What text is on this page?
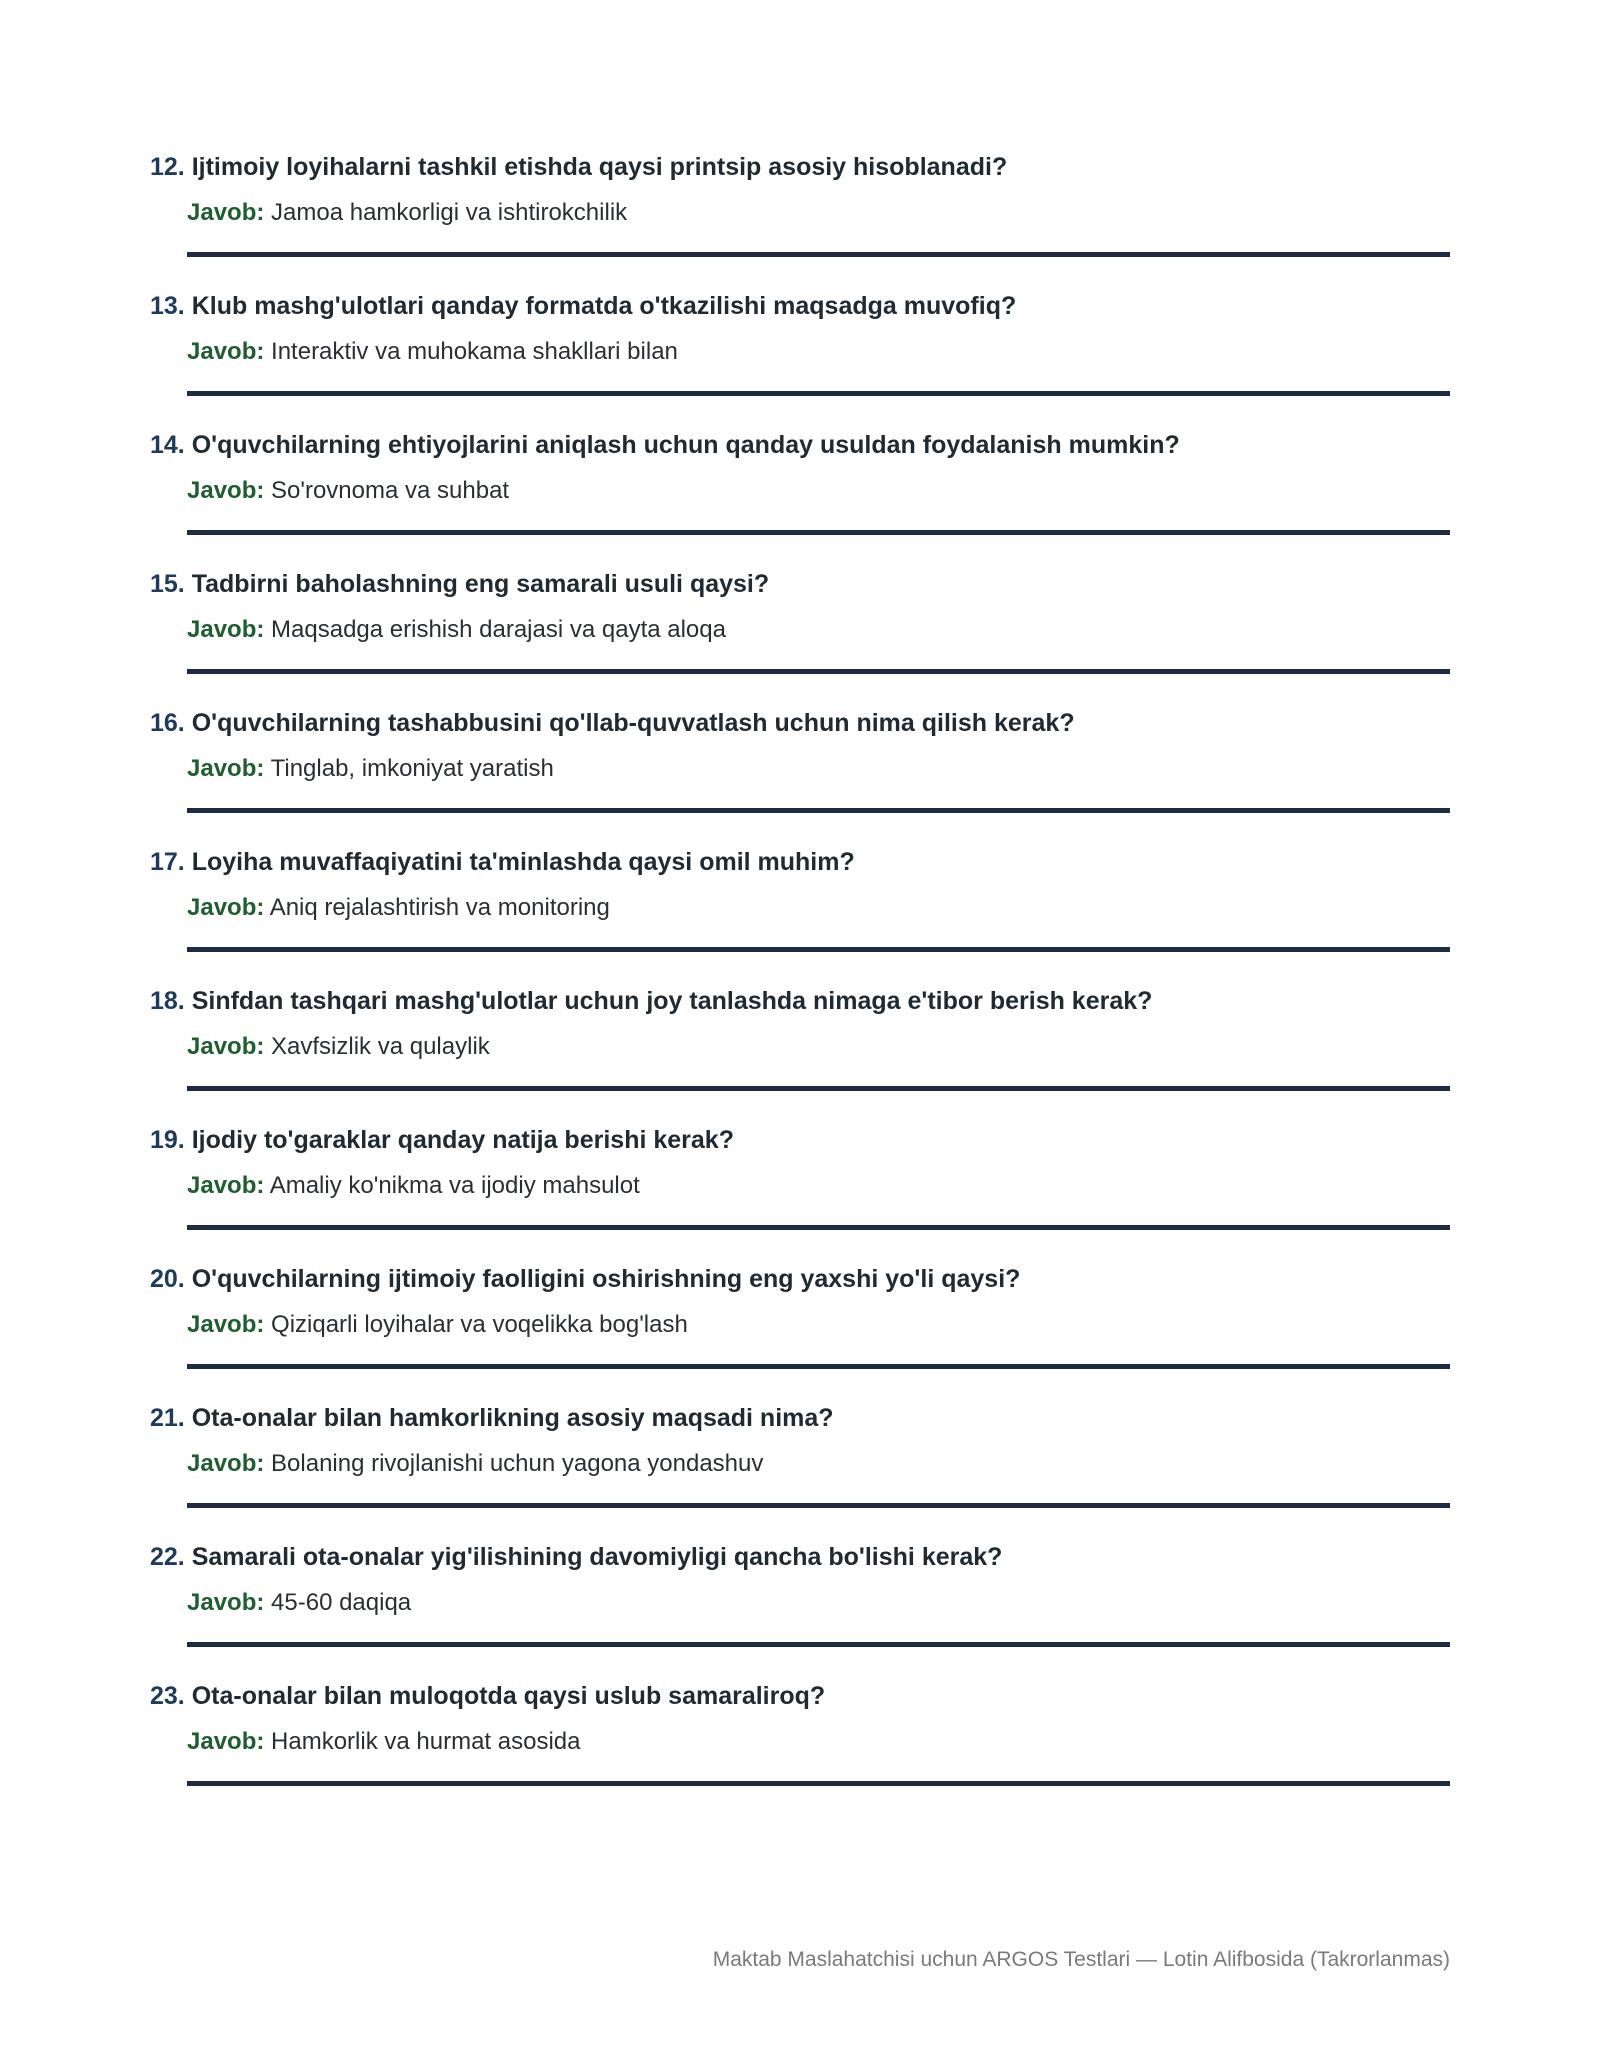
12. Ijtimoiy loyihalarni tashkil etishda qaysi printsip asosiy hisoblanadi?

Javob: Jamoa hamkorligi va ishtirokchilik

13. Klub mashg'ulotlari qanday formatda o'tkazilishi maqsadga muvofiq?

Javob: Interaktiv va muhokama shakllari bilan

14. O'quvchilarning ehtiyojlarini aniqlash uchun qanday usuldan foydalanish mumkin?

Javob: So'rovnoma va suhbat

15. Tadbirni baholashning eng samarali usuli qaysi?

Javob: Maqsadga erishish darajasi va qayta aloqa

16. O'quvchilarning tashabbusini qo'llab-quvvatlash uchun nima qilish kerak?

Javob: Tinglab, imkoniyat yaratish

17. Loyiha muvaffaqiyatini ta'minlashda qaysi omil muhim?

Javob: Aniq rejalashtirish va monitoring

18. Sinfdan tashqari mashg'ulotlar uchun joy tanlashda nimaga e'tibor berish kerak?

Javob: Xavfsizlik va qulaylik

19. Ijodiy to'garaklar qanday natija berishi kerak?

Javob: Amaliy ko'nikma va ijodiy mahsulot

20. O'quvchilarning ijtimoiy faolligini oshirishning eng yaxshi yo'li qaysi?

Javob: Qiziqarli loyihalar va voqelikka bog'lash

21. Ota-onalar bilan hamkorlikning asosiy maqsadi nima?

Javob: Bolaning rivojlanishi uchun yagona yondashuv

22. Samarali ota-onalar yig'ilishining davomiyligi qancha bo'lishi kerak?

Javob: 45-60 daqiqa

23. Ota-onalar bilan muloqotda qaysi uslub samaraliroq?

Javob: Hamkorlik va hurmat asosida

Maktab Maslahatchisi uchun ARGOS Testlari — Lotin Alifbosida (Takrorlanmas)
